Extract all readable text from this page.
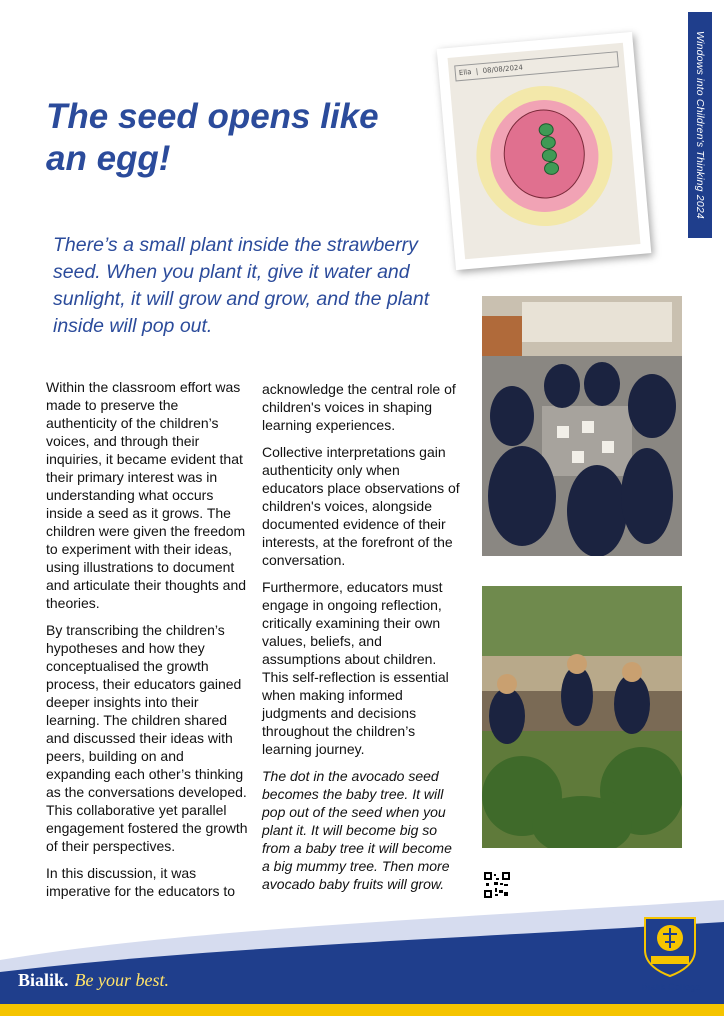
Windows into Children's Thinking 2024
The seed opens like an egg!

There’s a small plant inside the strawberry seed. When you plant it, give it water and sunlight, it will grow and grow, and the plant inside will pop out.

Ella  |  08/08/2024

Within the classroom effort was made to preserve the authenticity of the children’s voices, and through their inquiries, it became evident that their primary interest was in understanding what occurs inside a seed as it grows. The children were given the freedom to experiment with their ideas, using illustrations to document and articulate their thoughts and theories.

By transcribing the children’s hypotheses and how they conceptualised the growth process, their educators gained deeper insights into their learning. The children shared and discussed their ideas with peers, building on and expanding each other’s thinking as the conversations developed. This collaborative yet parallel engagement fostered the growth of their perspectives.

In this discussion, it was imperative for the educators to

acknowledge the central role of children's voices in shaping learning experiences.

Collective interpretations gain authenticity only when educators place observations of children's voices, alongside documented evidence of their interests, at the forefront of the conversation.

Furthermore, educators must engage in ongoing reflection, critically examining their own values, beliefs, and assumptions about children. This self-reflection is essential when making informed judgments and decisions throughout the children’s learning journey.

The dot in the avocado seed becomes the baby tree. It will pop out of the seed when you plant it. It will become big so from a baby tree it will become a big mummy tree. Then more avocado baby fruits will grow.

Bialik. Be your best.	Bialik College
